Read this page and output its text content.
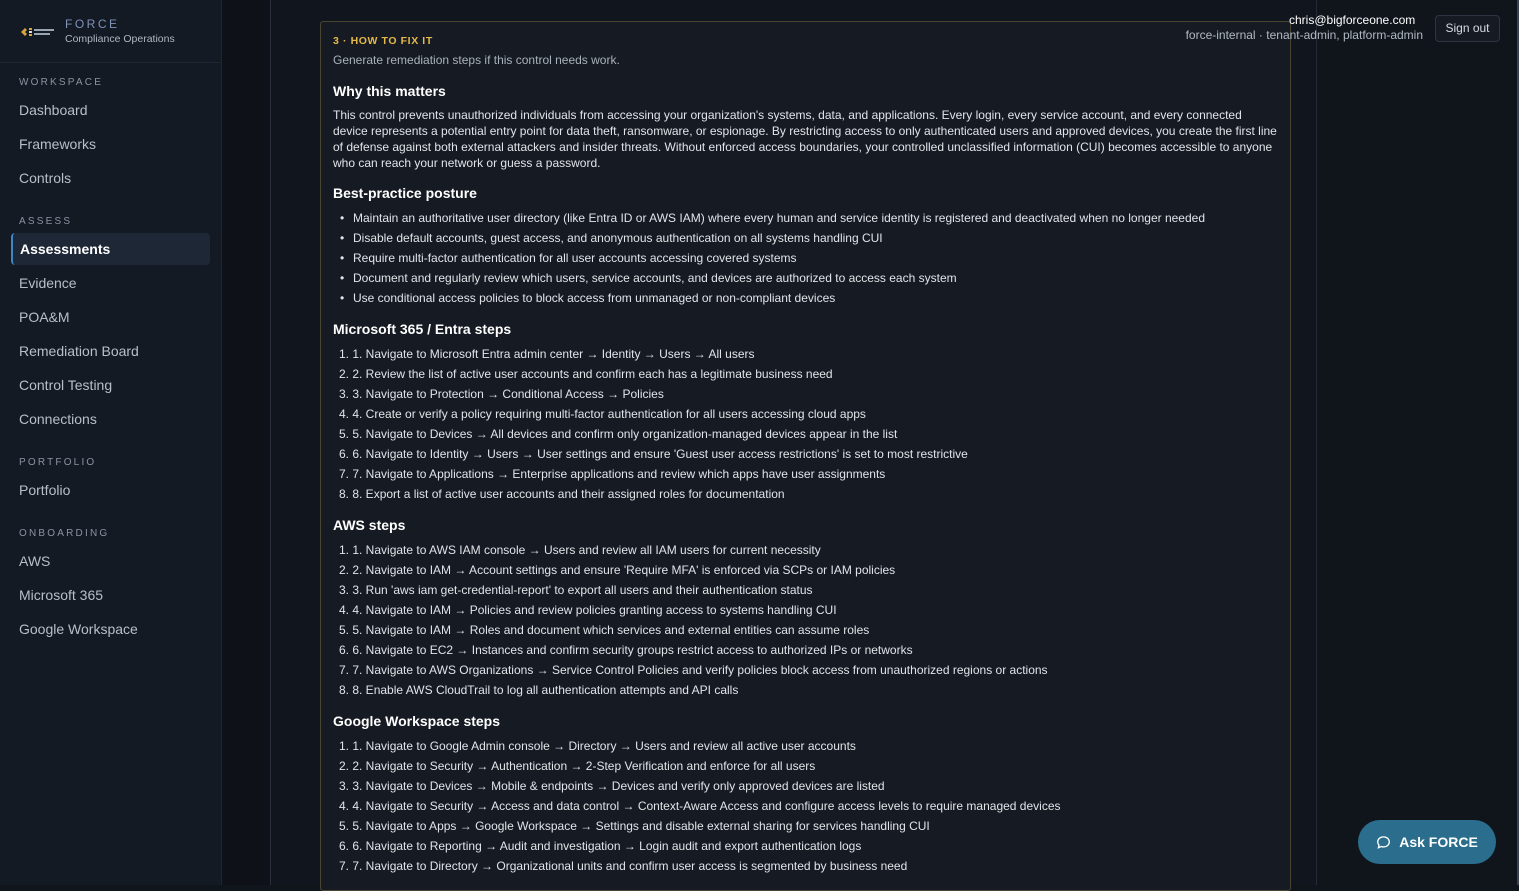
FORCE
Compliance Operations
WORKSPACE
Dashboard
Frameworks
Controls
ASSESS
Assessments
Evidence
POA&M
Remediation Board
Control Testing
Connections
PORTFOLIO
Portfolio
ONBOARDING
AWS
Microsoft 365
Google Workspace
3 · HOW TO FIX IT
Generate remediation steps if this control needs work.
Why this matters
This control prevents unauthorized individuals from accessing your organization's systems, data, and applications. Every login, every service account, and every connected device represents a potential entry point for data theft, ransomware, or espionage. By restricting access to only authenticated users and approved devices, you create the first line of defense against both external attackers and insider threats. Without enforced access boundaries, your controlled unclassified information (CUI) becomes accessible to anyone who can reach your network or guess a password.
Best-practice posture
• Maintain an authoritative user directory (like Entra ID or AWS IAM) where every human and service identity is registered and deactivated when no longer needed
• Disable default accounts, guest access, and anonymous authentication on all systems handling CUI
• Require multi-factor authentication for all user accounts accessing covered systems
• Document and regularly review which users, service accounts, and devices are authorized to access each system
• Use conditional access policies to block access from unmanaged or non-compliant devices
Microsoft 365 / Entra steps
1. 1. Navigate to Microsoft Entra admin center → Identity → Users → All users
2. 2. Review the list of active user accounts and confirm each has a legitimate business need
3. 3. Navigate to Protection → Conditional Access → Policies
4. 4. Create or verify a policy requiring multi-factor authentication for all users accessing cloud apps
5. 5. Navigate to Devices → All devices and confirm only organization-managed devices appear in the list
6. 6. Navigate to Identity → Users → User settings and ensure 'Guest user access restrictions' is set to most restrictive
7. 7. Navigate to Applications → Enterprise applications and review which apps have user assignments
8. 8. Export a list of active user accounts and their assigned roles for documentation
AWS steps
1. 1. Navigate to AWS IAM console → Users and review all IAM users for current necessity
2. 2. Navigate to IAM → Account settings and ensure 'Require MFA' is enforced via SCPs or IAM policies
3. 3. Run 'aws iam get-credential-report' to export all users and their authentication status
4. 4. Navigate to IAM → Policies and review policies granting access to systems handling CUI
5. 5. Navigate to IAM → Roles and document which services and external entities can assume roles
6. 6. Navigate to EC2 → Instances and confirm security groups restrict access to authorized IPs or networks
7. 7. Navigate to AWS Organizations → Service Control Policies and verify policies block access from unauthorized regions or actions
8. 8. Enable AWS CloudTrail to log all authentication attempts and API calls
Google Workspace steps
1. 1. Navigate to Google Admin console → Directory → Users and review all active user accounts
2. 2. Navigate to Security → Authentication → 2-Step Verification and enforce for all users
3. 3. Navigate to Devices → Mobile & endpoints → Devices and verify only approved devices are listed
4. 4. Navigate to Security → Access and data control → Context-Aware Access and configure access levels to require managed devices
5. 5. Navigate to Apps → Google Workspace → Settings and disable external sharing for services handling CUI
6. 6. Navigate to Reporting → Audit and investigation → Login audit and export authentication logs
7. 7. Navigate to Directory → Organizational units and confirm user access is segmented by business need
chris@bigforceone.com
force-internal · tenant-admin, platform-admin	Sign out
Ask FORCE
